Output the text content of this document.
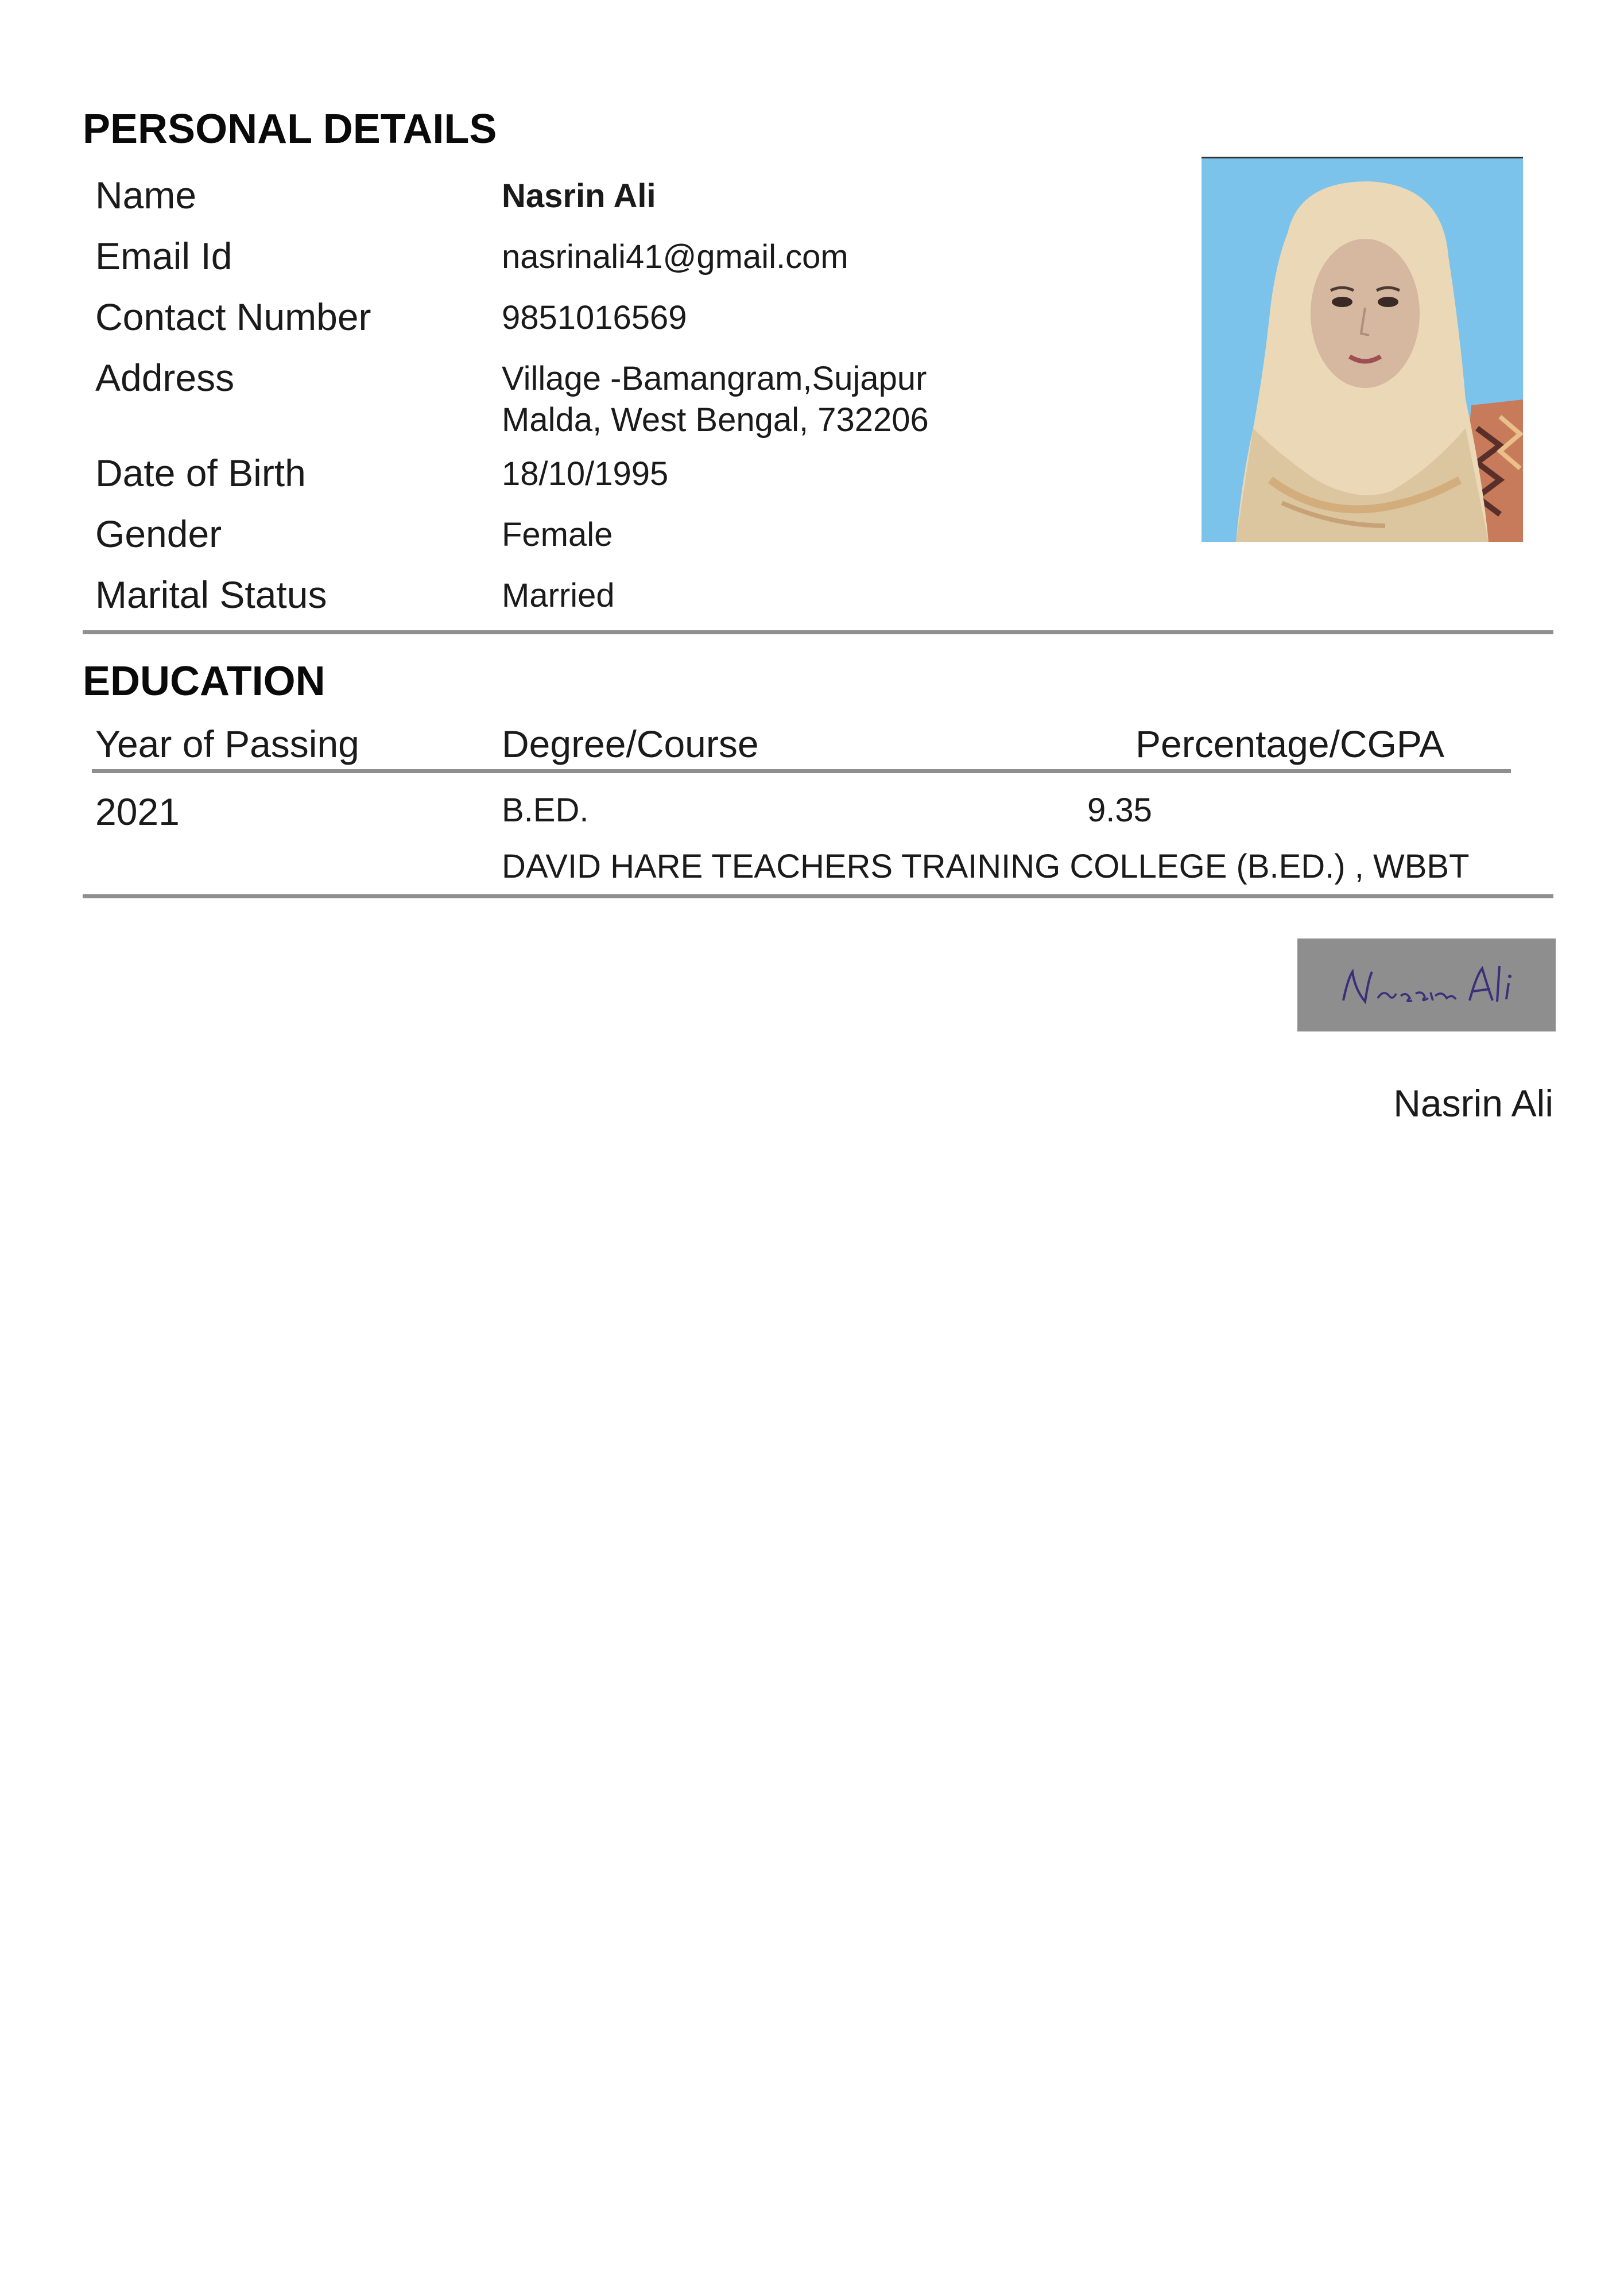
PERSONAL DETAILS
Name	Nasrin Ali
Email Id	nasrinali41@gmail.com
Contact Number	9851016569
Address	Village -Bamangram,Sujapur
Malda, West Bengal, 732206
Date of Birth	18/10/1995
Gender	Female
Marital Status	Married
EDUCATION
Year of Passing	Degree/Course	Percentage/CGPA
2021	B.ED.	9.35
DAVID HARE TEACHERS TRAINING COLLEGE (B.ED.) , WBBT
Nasrin Ali
